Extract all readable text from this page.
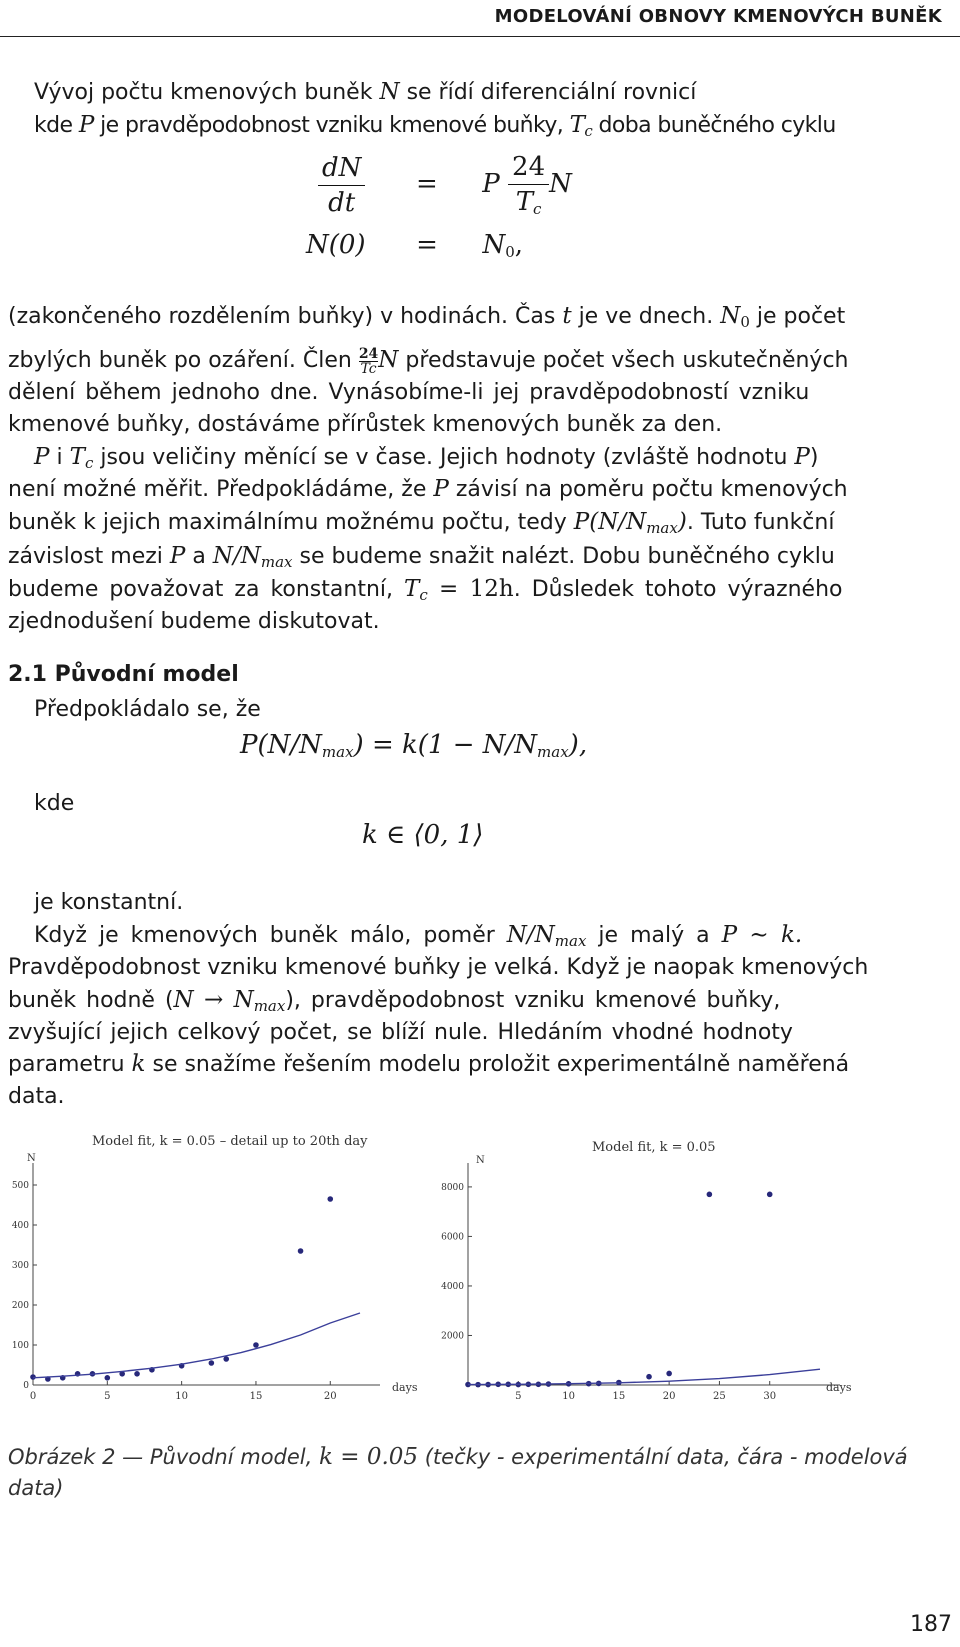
MODELOVÁNÍ OBNOVY KMENOVÝCH BUNĚK
Vývoj počtu kmenových buněk N se řídí diferenciální rovnicí
kde P je pravděpodobnost vzniku kmenové buňky, $T_c$ doba buněčného cyklu
$\frac{dN}{dt} = P \frac{24}{T_c}$ N
$N(0) = N_0$,
(zakončeného rozdělením buňky) v hodinách. Čas t je ve dnech. $N_0$ je počet
zbylých buněk po ozáření. Člen $\frac{24}{Tc}$ N představuje počet všech uskutečněných
dělení během jednoho dne. Vynásobíme-li jej pravděpodobností vzniku
kmenové buňky, dostáváme přírůstek kmenových buněk za den.
P i $T_c$ jsou veličiny měnící se v čase. Jejich hodnoty (zvláště hodnotu P)
není možné měřit. Předpokládáme, že P závisí na poměru počtu kmenových
buněk k jejich maximálnímu možnému počtu, tedy $P(N/N_{max})$. Tuto funkční
závislost mezi P a $N/N_{max}$ se budeme snažit nalézt. Dobu buněčného cyklu
budeme považovat za konstantní, $T_c = 12h$. Důsledek tohoto výrazného
zjednodušení budeme diskutovat.
2.1 Původní model
Předpokládalo se, že
$P(N/N_{max}) = k(1 - N/N_{max})$,
kde
k ∈ ⟨0, 1⟩
je konstantní.
Když je kmenových buněk málo, poměr $N/N_{max}$ je malý a P ∼ k.
Pravděpodobnost vzniku kmenové buňky je velká. Když je naopak kmenových
buněk hodně $(N \to N_{max})$, pravděpodobnost vzniku kmenové buňky,
zvyšující jejich celkový počet, se blíží nule. Hledáním vhodné hodnoty
parametru k se snažíme řešením modelu proložit experimentálně naměřená
data.
Model fit, k = 0.05 – detail up to 20th day
N
days
0	5	10	15	20
0
100
200
300
400
500
Model fit, k = 0.05
N
days
5	10	15	20	25	30
2000
4000
6000
8000
Obrázek 2 — Původní model, k = 0.05 (tečky - experimentální data, čára - modelová data)
187
